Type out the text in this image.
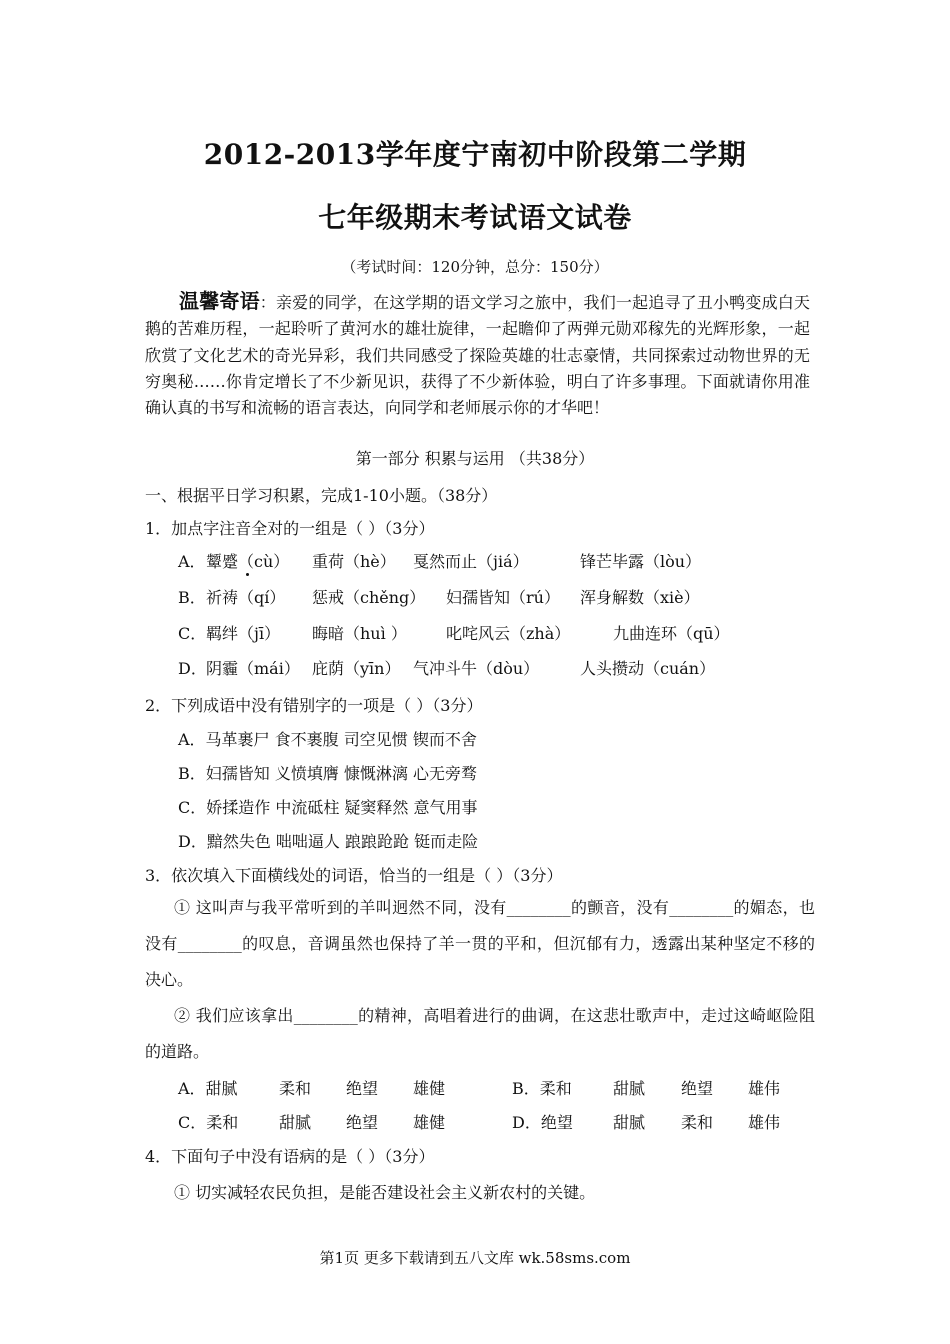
2012-2013学年度宁南初中阶段第二学期
七年级期末考试语文试卷
（考试时间：120分钟，总分：150分）
温馨寄语：亲爱的同学，在这学期的语文学习之旅中，我们一起追寻了丑小鸭变成白天鹅的苦难历程，一起聆听了黄河水的雄壮旋律，一起瞻仰了两弹元勋邓稼先的光辉形象，一起欣赏了文化艺术的奇光异彩，我们共同感受了探险英雄的壮志豪情，共同探索过动物世界的无穷奥秘……你肯定增长了不少新见识，获得了不少新体验，明白了许多事理。下面就请你用准确认真的书写和流畅的语言表达，向同学和老师展示你的才华吧！
第一部分 积累与运用 （共38分）
一、根据平日学习积累，完成1-10小题。（38分）
1．加点字注音全对的一组是（ ）（3分）
A． 颦蹙（cù） 重荷（hè） 戛然而止（jiá）	锋芒毕露（lòu）
B． 祈祷（qí） 惩戒（chěng） 妇孺皆知（rú） 浑身解数（xiè）
C． 羁绊（jī） 晦暗（huì ） 叱咤风云（zhà）	九曲连环（qū）
D． 阴霾（mái） 庇荫（yīn） 气冲斗牛（dòu）	人头攒动（cuán）
2．下列成语中没有错别字的一项是（ ）（3分）
A．马革裹尸 食不裹腹 司空见惯 锲而不舍
B．妇孺皆知 义愤填膺 慷慨淋漓 心无旁骛
C．娇揉造作 中流砥柱 疑窦释然 意气用事
D．黯然失色 咄咄逼人 踉踉跄跄 铤而走险
3．依次填入下面横线处的词语，恰当的一组是（ ）（3分）
① 这叫声与我平常听到的羊叫迥然不同，没有________的颤音，没有________的媚态，也没有________的叹息，音调虽然也保持了羊一贯的平和，但沉郁有力，透露出某种坚定不移的决心。
② 我们应该拿出________的精神，高唱着进行的曲调，在这悲壮歌声中，走过这崎岖险阻的道路。
A．甜腻	柔和 绝望 雄健	B．柔和	甜腻 绝望 雄伟
C．柔和	甜腻 绝望 雄健	D．绝望	甜腻 柔和 雄伟
4．下面句子中没有语病的是（ ）（3分）
① 切实减轻农民负担，是能否建设社会主义新农村的关键。
第1页 更多下载请到五八文库 wk.58sms.com
